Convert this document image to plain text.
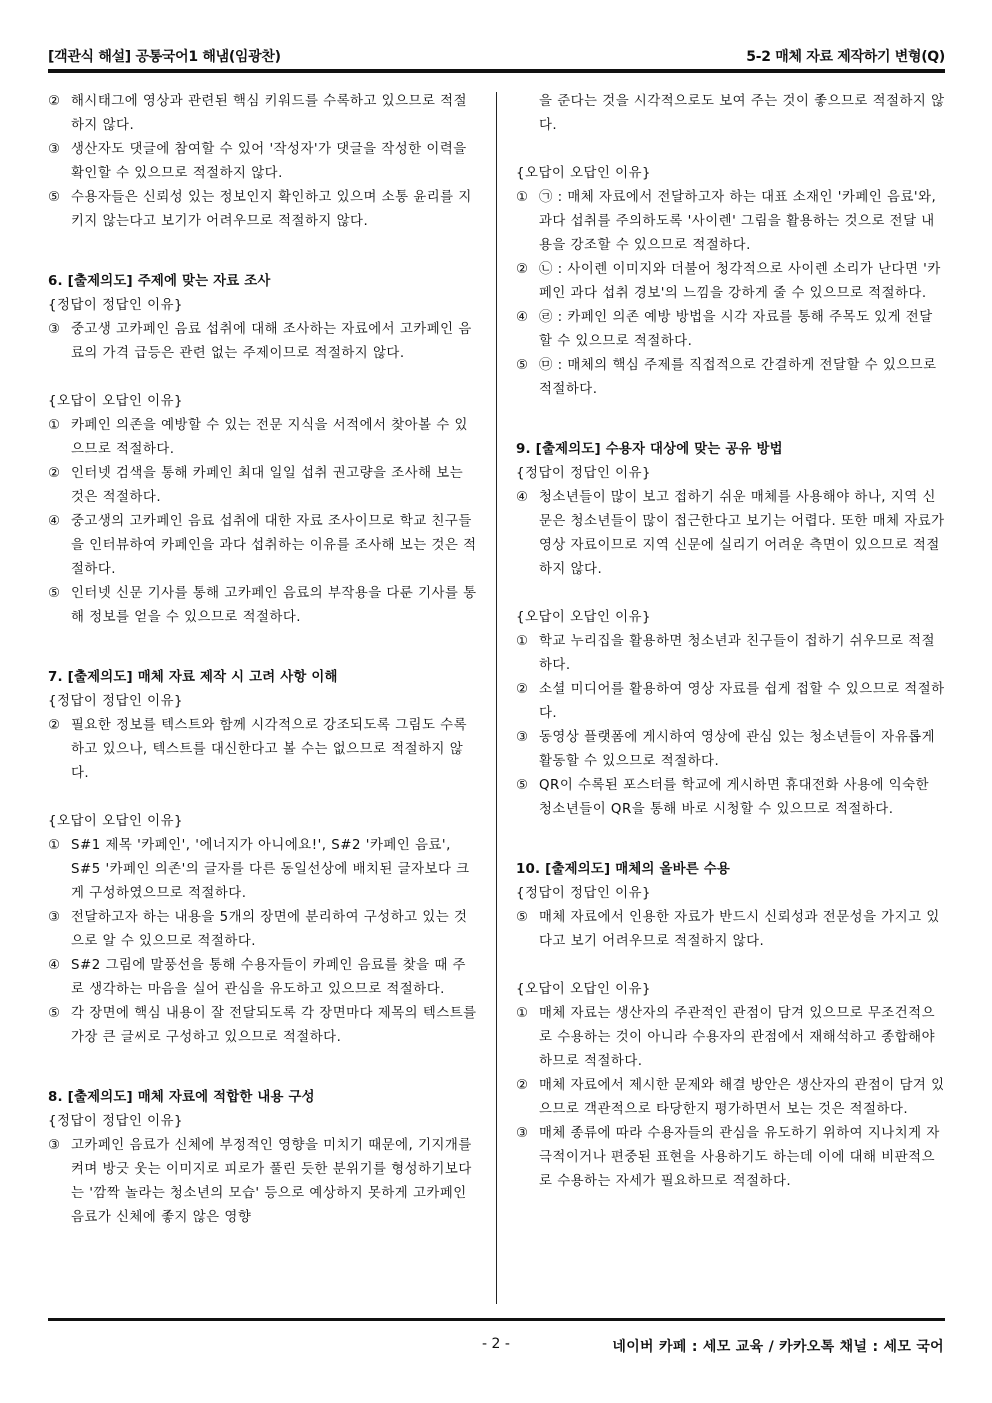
[객관식 해설] 공통국어1 해냄(임광찬)	5-2 매체 자료 제작하기 변형(Q)

② 해시태그에 영상과 관련된 핵심 키워드를 수록하고 있으므로 적절하지 않다.

③ 생산자도 댓글에 참여할 수 있어 '작성자'가 댓글을 작성한 이력을 확인할 수 있으므로 적절하지 않다.

⑤ 수용자들은 신뢰성 있는 정보인지 확인하고 있으며 소통 윤리를 지키지 않는다고 보기가 어려우므로 적절하지 않다.

6. [출제의도] 주제에 맞는 자료 조사

{정답이 정답인 이유}

③ 중고생 고카페인 음료 섭취에 대해 조사하는 자료에서 고카페인 음료의 가격 급등은 관련 없는 주제이므로 적절하지 않다.

{오답이 오답인 이유}

① 카페인 의존을 예방할 수 있는 전문 지식을 서적에서 찾아볼 수 있으므로 적절하다.

② 인터넷 검색을 통해 카페인 최대 일일 섭취 권고량을 조사해 보는 것은 적절하다.

④ 중고생의 고카페인 음료 섭취에 대한 자료 조사이므로 학교 친구들을 인터뷰하여 카페인을 과다 섭취하는 이유를 조사해 보는 것은 적절하다.

⑤ 인터넷 신문 기사를 통해 고카페인 음료의 부작용을 다룬 기사를 통해 정보를 얻을 수 있으므로 적절하다.

7. [출제의도] 매체 자료 제작 시 고려 사항 이해

{정답이 정답인 이유}

② 필요한 정보를 텍스트와 함께 시각적으로 강조되도록 그림도 수록하고 있으나, 텍스트를 대신한다고 볼 수는 없으므로 적절하지 않다.

{오답이 오답인 이유}

① S#1 제목 '카페인', '에너지가 아니에요!', S#2 '카페인 음료', S#5 '카페인 의존'의 글자를 다른 동일선상에 배치된 글자보다 크게 구성하였으므로 적절하다.

③ 전달하고자 하는 내용을 5개의 장면에 분리하여 구성하고 있는 것으로 알 수 있으므로 적절하다.

④ S#2 그림에 말풍선을 통해 수용자들이 카페인 음료를 찾을 때 주로 생각하는 마음을 실어 관심을 유도하고 있으므로 적절하다.

⑤ 각 장면에 핵심 내용이 잘 전달되도록 각 장면마다 제목의 텍스트를 가장 큰 글씨로 구성하고 있으므로 적절하다.

8. [출제의도] 매체 자료에 적합한 내용 구성

{정답이 정답인 이유}

③ 고카페인 음료가 신체에 부정적인 영향을 미치기 때문에, 기지개를 켜며 방긋 웃는 이미지로 피로가 풀린 듯한 분위기를 형성하기보다는 '깜짝 놀라는 청소년의 모습' 등으로 예상하지 못하게 고카페인 음료가 신체에 좋지 않은 영향

을 준다는 것을 시각적으로도 보여 주는 것이 좋으므로 적절하지 않다.

{오답이 오답인 이유}

① ㉠ : 매체 자료에서 전달하고자 하는 대표 소재인 '카페인 음료'와, 과다 섭취를 주의하도록 '사이렌' 그림을 활용하는 것으로 전달 내용을 강조할 수 있으므로 적절하다.

② ㉡ : 사이렌 이미지와 더불어 청각적으로 사이렌 소리가 난다면 '카페인 과다 섭취 경보'의 느낌을 강하게 줄 수 있으므로 적절하다.

④ ㉣ : 카페인 의존 예방 방법을 시각 자료를 통해 주목도 있게 전달할 수 있으므로 적절하다.

⑤ ㉤ : 매체의 핵심 주제를 직접적으로 간결하게 전달할 수 있으므로 적절하다.

9. [출제의도] 수용자 대상에 맞는 공유 방법

{정답이 정답인 이유}

④ 청소년들이 많이 보고 접하기 쉬운 매체를 사용해야 하나, 지역 신문은 청소년들이 많이 접근한다고 보기는 어렵다. 또한 매체 자료가 영상 자료이므로 지역 신문에 실리기 어려운 측면이 있으므로 적절하지 않다.

{오답이 오답인 이유}

① 학교 누리집을 활용하면 청소년과 친구들이 접하기 쉬우므로 적절하다.

② 소셜 미디어를 활용하여 영상 자료를 쉽게 접할 수 있으므로 적절하다.

③ 동영상 플랫폼에 게시하여 영상에 관심 있는 청소년들이 자유롭게 활동할 수 있으므로 적절하다.

⑤ QR이 수록된 포스터를 학교에 게시하면 휴대전화 사용에 익숙한 청소년들이 QR을 통해 바로 시청할 수 있으므로 적절하다.

10. [출제의도] 매체의 올바른 수용

{정답이 정답인 이유}

⑤ 매체 자료에서 인용한 자료가 반드시 신뢰성과 전문성을 가지고 있다고 보기 어려우므로 적절하지 않다.

{오답이 오답인 이유}

① 매체 자료는 생산자의 주관적인 관점이 담겨 있으므로 무조건적으로 수용하는 것이 아니라 수용자의 관점에서 재해석하고 종합해야 하므로 적절하다.

② 매체 자료에서 제시한 문제와 해결 방안은 생산자의 관점이 담겨 있으므로 객관적으로 타당한지 평가하면서 보는 것은 적절하다.

③ 매체 종류에 따라 수용자들의 관심을 유도하기 위하여 지나치게 자극적이거나 편중된 표현을 사용하기도 하는데 이에 대해 비판적으로 수용하는 자세가 필요하므로 적절하다.

- 2 -	네이버 카페 : 세모 교육 / 카카오톡 채널 : 세모 국어
